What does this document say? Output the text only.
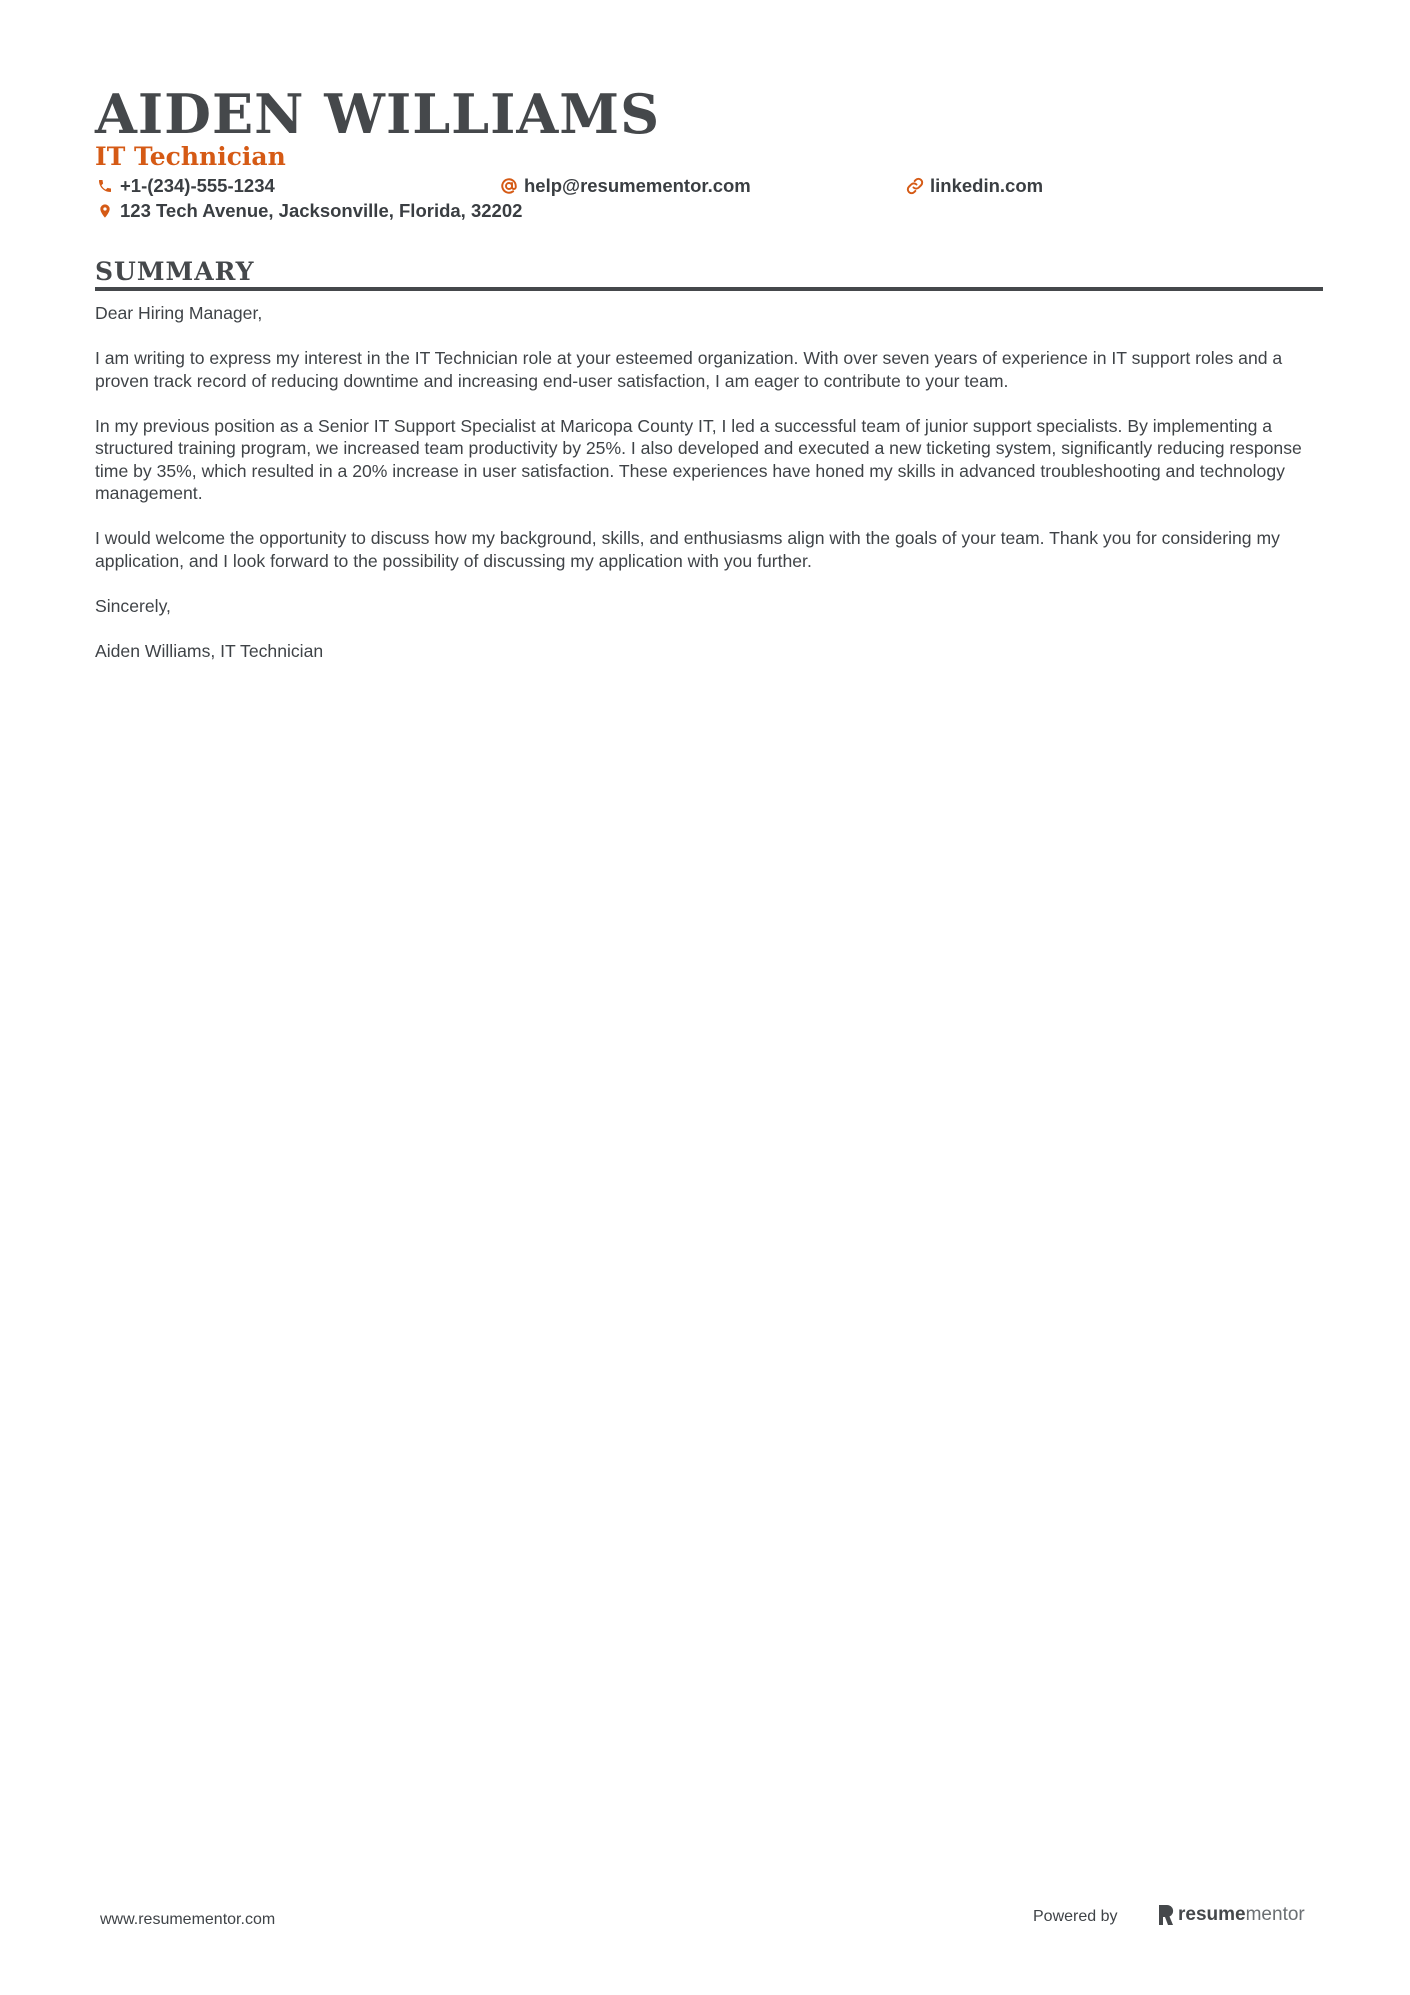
AIDEN WILLIAMS
IT Technician
+1-(234)-555-1234	help@resumementor.com	linkedin.com
123 Tech Avenue, Jacksonville, Florida, 32202
SUMMARY

Dear Hiring Manager,

I am writing to express my interest in the IT Technician role at your esteemed organization. With over seven years of experience in IT support roles and a proven track record of reducing downtime and increasing end-user satisfaction, I am eager to contribute to your team.

In my previous position as a Senior IT Support Specialist at Maricopa County IT, I led a successful team of junior support specialists. By implementing a structured training program, we increased team productivity by 25%. I also developed and executed a new ticketing system, significantly reducing response time by 35%, which resulted in a 20% increase in user satisfaction. These experiences have honed my skills in advanced troubleshooting and technology management.

I would welcome the opportunity to discuss how my background, skills, and enthusiasms align with the goals of your team. Thank you for considering my application, and I look forward to the possibility of discussing my application with you further.

Sincerely,

Aiden Williams, IT Technician

www.resumementor.com	Powered by	resume mentor
